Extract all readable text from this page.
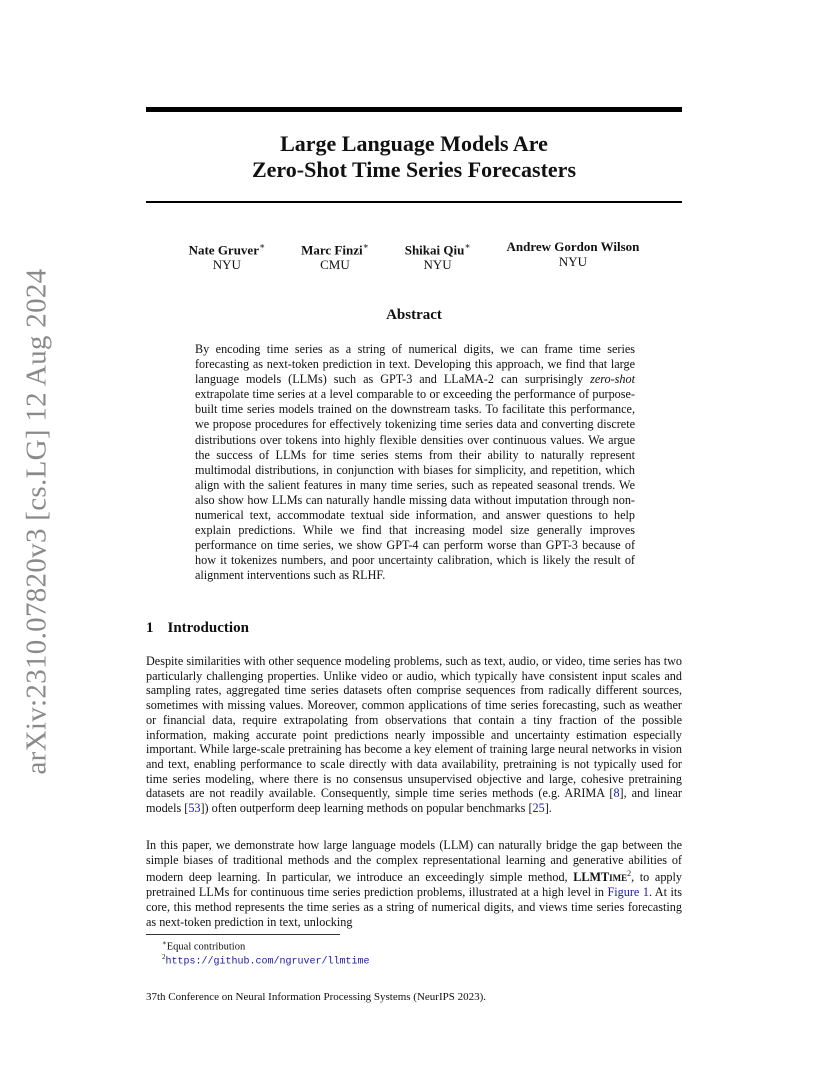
arXiv:2310.07820v3 [cs.LG] 12 Aug 2024
Large Language Models Are
Zero-Shot Time Series Forecasters
Nate Gruver∗
NYU
Marc Finzi∗
CMU
Shikai Qiu∗
NYU
Andrew Gordon Wilson
NYU
Abstract
By encoding time series as a string of numerical digits, we can frame time series forecasting as next-token prediction in text. Developing this approach, we find that large language models (LLMs) such as GPT-3 and LLaMA-2 can surprisingly zero-shot extrapolate time series at a level comparable to or exceeding the performance of purpose-built time series models trained on the downstream tasks. To facilitate this performance, we propose procedures for effectively tokenizing time series data and converting discrete distributions over tokens into highly flexible densities over continuous values. We argue the success of LLMs for time series stems from their ability to naturally represent multimodal distributions, in conjunction with biases for simplicity, and repetition, which align with the salient features in many time series, such as repeated seasonal trends. We also show how LLMs can naturally handle missing data without imputation through non-numerical text, accommodate textual side information, and answer questions to help explain predictions. While we find that increasing model size generally improves performance on time series, we show GPT-4 can perform worse than GPT-3 because of how it tokenizes numbers, and poor uncertainty calibration, which is likely the result of alignment interventions such as RLHF.
1 Introduction

Despite similarities with other sequence modeling problems, such as text, audio, or video, time series has two particularly challenging properties. Unlike video or audio, which typically have consistent input scales and sampling rates, aggregated time series datasets often comprise sequences from radically different sources, sometimes with missing values. Moreover, common applications of time series forecasting, such as weather or financial data, require extrapolating from observations that contain a tiny fraction of the possible information, making accurate point predictions nearly impossible and uncertainty estimation especially important. While large-scale pretraining has become a key element of training large neural networks in vision and text, enabling performance to scale directly with data availability, pretraining is not typically used for time series modeling, where there is no consensus unsupervised objective and large, cohesive pretraining datasets are not readily available. Consequently, simple time series methods (e.g. ARIMA [8], and linear models [53]) often outperform deep learning methods on popular benchmarks [25].

In this paper, we demonstrate how large language models (LLM) can naturally bridge the gap between the simple biases of traditional methods and the complex representational learning and generative abilities of modern deep learning. In particular, we introduce an exceedingly simple method, LLMTime$^2$, to apply pretrained LLMs for continuous time series prediction problems, illustrated at a high level in Figure 1. At its core, this method represents the time series as a string of numerical digits, and views time series forecasting as next-token prediction in text, unlocking

∗Equal contribution
$^2$https://github.com/ngruver/llmtime
37th Conference on Neural Information Processing Systems (NeurIPS 2023).
